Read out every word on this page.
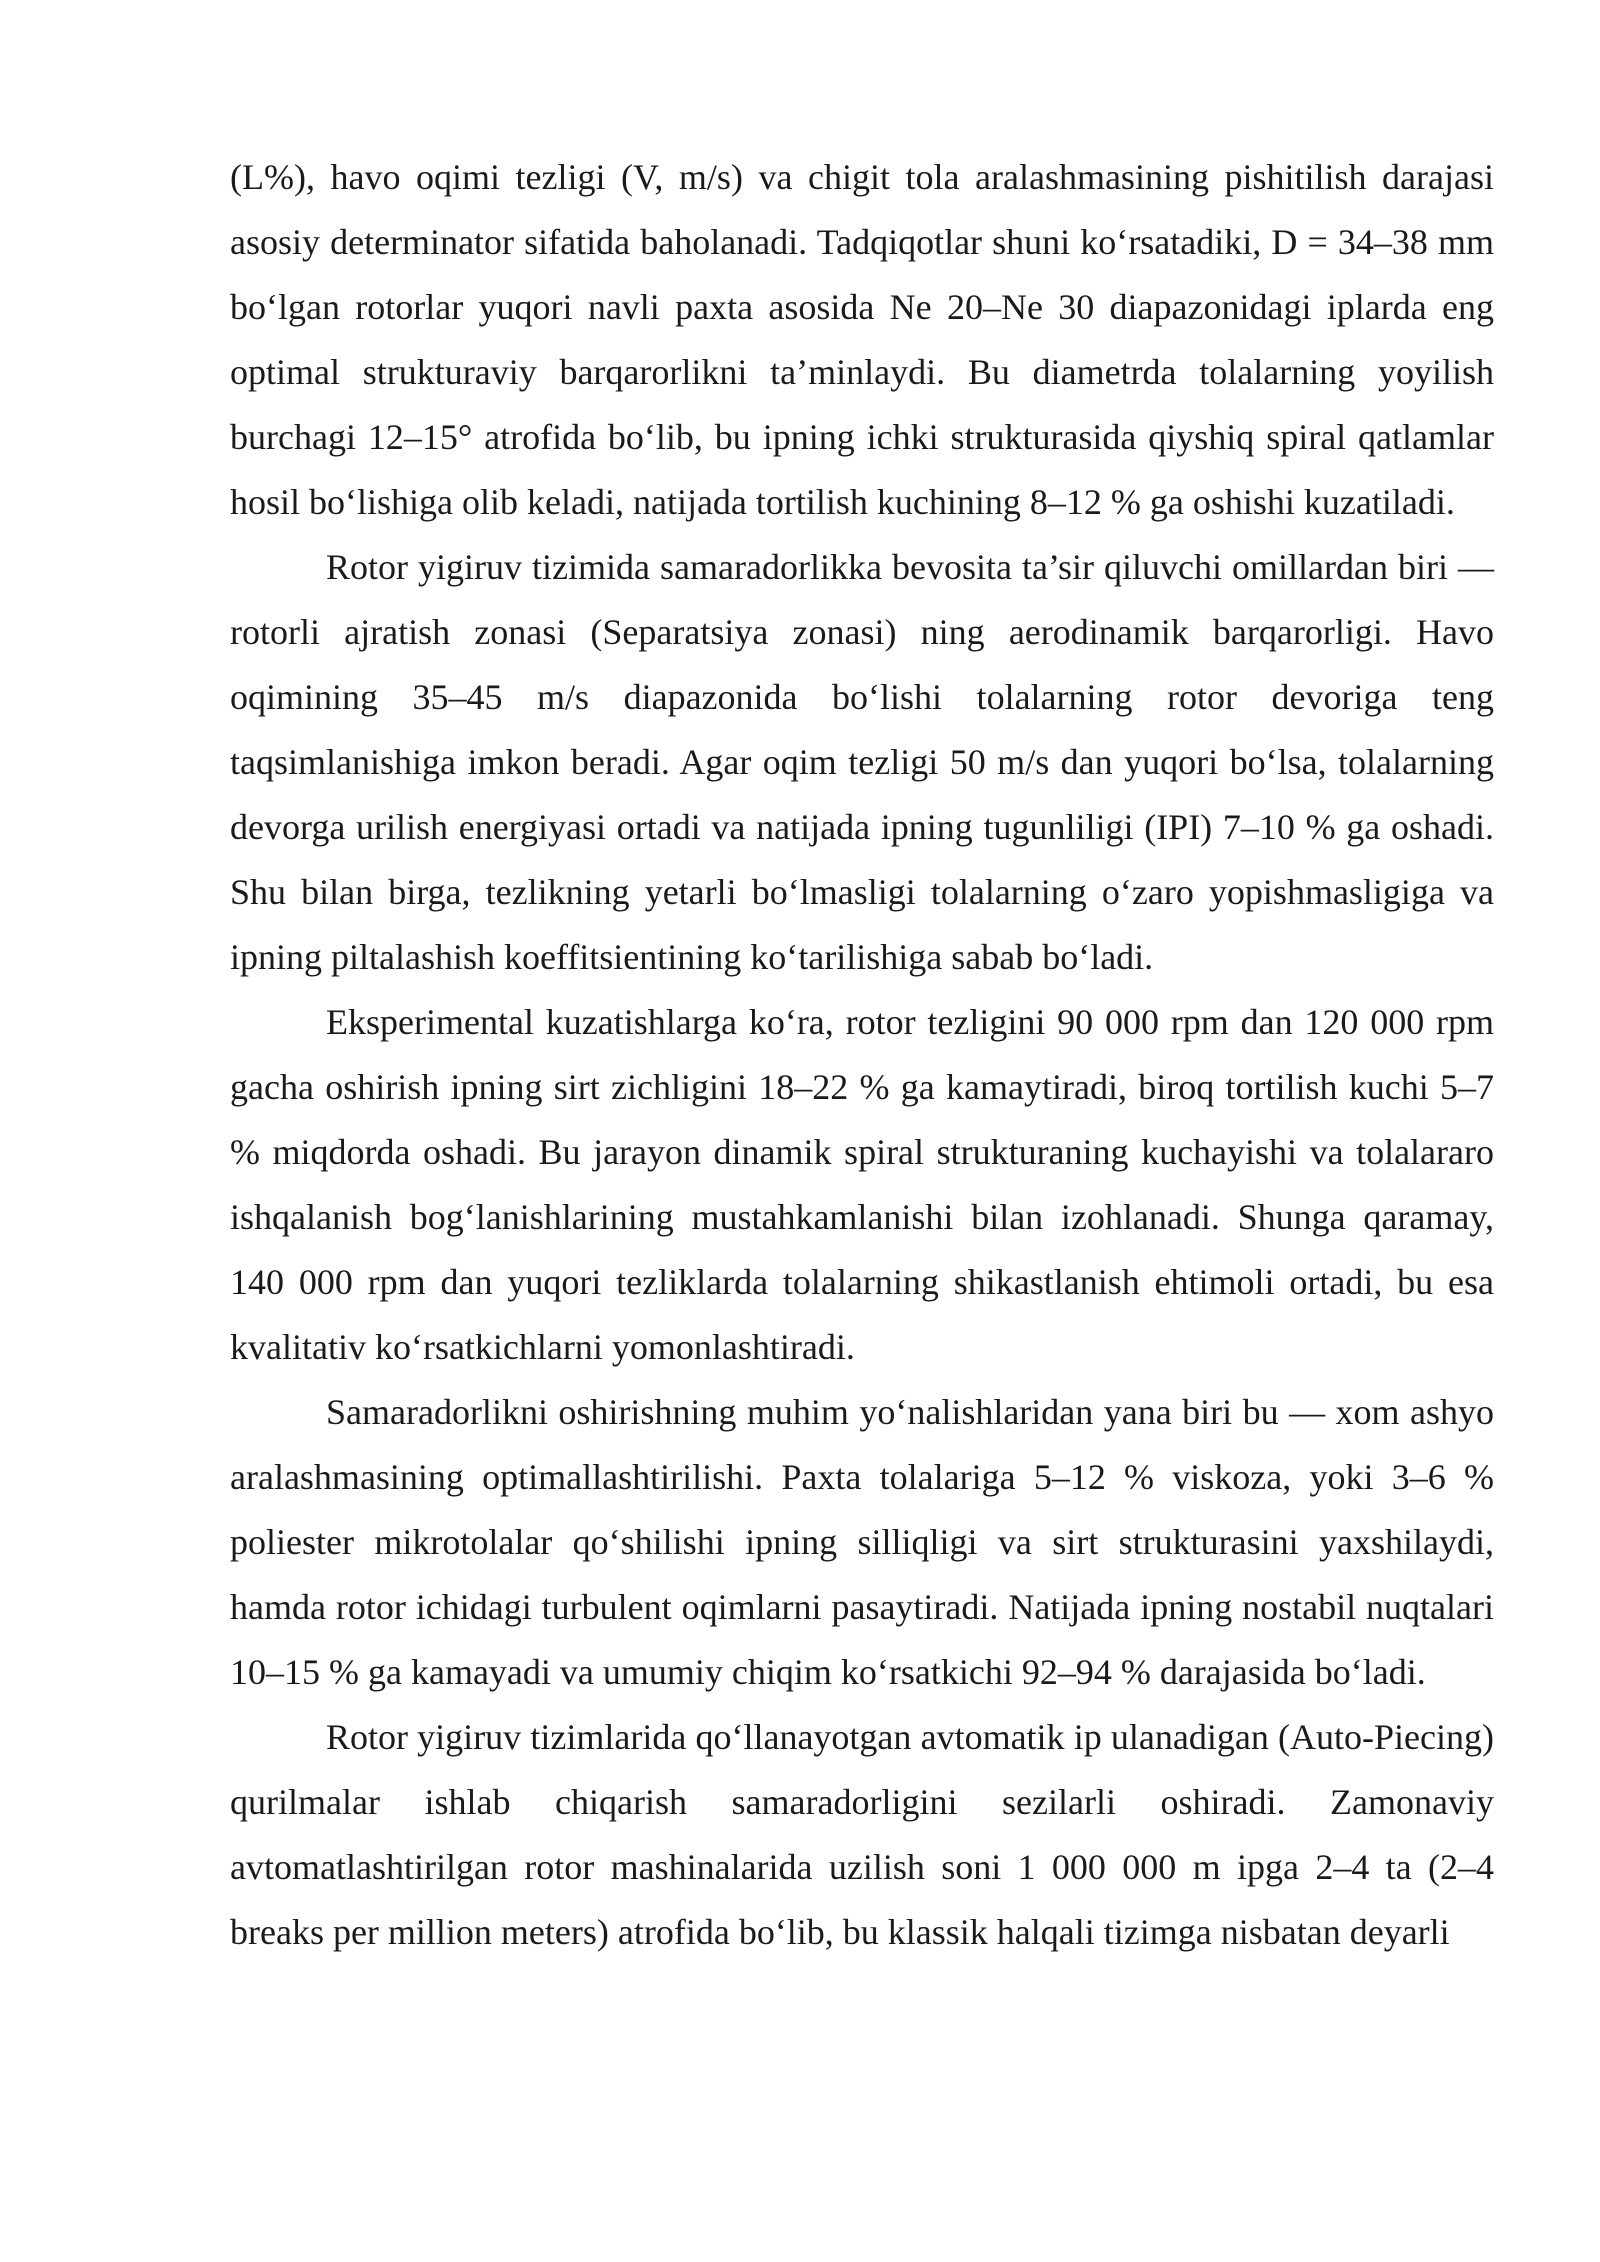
(L%), havo oqimi tezligi (V, m/s) va chigit tola aralashmasining pishitilish darajasi asosiy determinator sifatida baholanadi. Tadqiqotlar shuni ko‘rsatadiki, D = 34–38 mm bo‘lgan rotorlar yuqori navli paxta asosida Ne 20–Ne 30 diapazonidagi iplarda eng optimal strukturaviy barqarorlikni ta’minlaydi. Bu diametrda tolalarning yoyilish burchagi 12–15° atrofida bo‘lib, bu ipning ichki strukturasida qiyshiq spiral qatlamlar hosil bo‘lishiga olib keladi, natijada tortilish kuchining 8–12 % ga oshishi kuzatiladi.

Rotor yigiruv tizimida samaradorlikka bevosita ta’sir qiluvchi omillardan biri — rotorli ajratish zonasi (Separatsiya zonasi) ning aerodinamik barqarorligi. Havo oqimining 35–45 m/s diapazonida bo‘lishi tolalarning rotor devoriga teng taqsimlanishiga imkon beradi. Agar oqim tezligi 50 m/s dan yuqori bo‘lsa, tolalarning devorga urilish energiyasi ortadi va natijada ipning tugunliligi (IPI) 7–10 % ga oshadi. Shu bilan birga, tezlikning yetarli bo‘lmasligi tolalarning o‘zaro yopishmasligiga va ipning piltalashish koeffitsientining ko‘tarilishiga sabab bo‘ladi.

Eksperimental kuzatishlarga ko‘ra, rotor tezligini 90 000 rpm dan 120 000 rpm gacha oshirish ipning sirt zichligini 18–22 % ga kamaytiradi, biroq tortilish kuchi 5–7 % miqdorda oshadi. Bu jarayon dinamik spiral strukturaning kuchayishi va tolalararo ishqalanish bog‘lanishlarining mustahkamlanishi bilan izohlanadi. Shunga qaramay, 140 000 rpm dan yuqori tezliklarda tolalarning shikastlanish ehtimoli ortadi, bu esa kvalitativ ko‘rsatkichlarni yomonlashtiradi.

Samaradorlikni oshirishning muhim yo‘nalishlaridan yana biri bu — xom ashyo aralashmasining optimallashtirilishi. Paxta tolalariga 5–12 % viskoza, yoki 3–6 % poliester mikrotolalar qo‘shilishi ipning silliqligi va sirt strukturasini yaxshilaydi, hamda rotor ichidagi turbulent oqimlarni pasaytiradi. Natijada ipning nostabil nuqtalari 10–15 % ga kamayadi va umumiy chiqim ko‘rsatkichi 92–94 % darajasida bo‘ladi.

Rotor yigiruv tizimlarida qo‘llanayotgan avtomatik ip ulanadigan (Auto-Piecing) qurilmalar ishlab chiqarish samaradorligini sezilarli oshiradi. Zamonaviy avtomatlashtirilgan rotor mashinalarida uzilish soni 1 000 000 m ipga 2–4 ta (2–4 breaks per million meters) atrofida bo‘lib, bu klassik halqali tizimga nisbatan deyarli
